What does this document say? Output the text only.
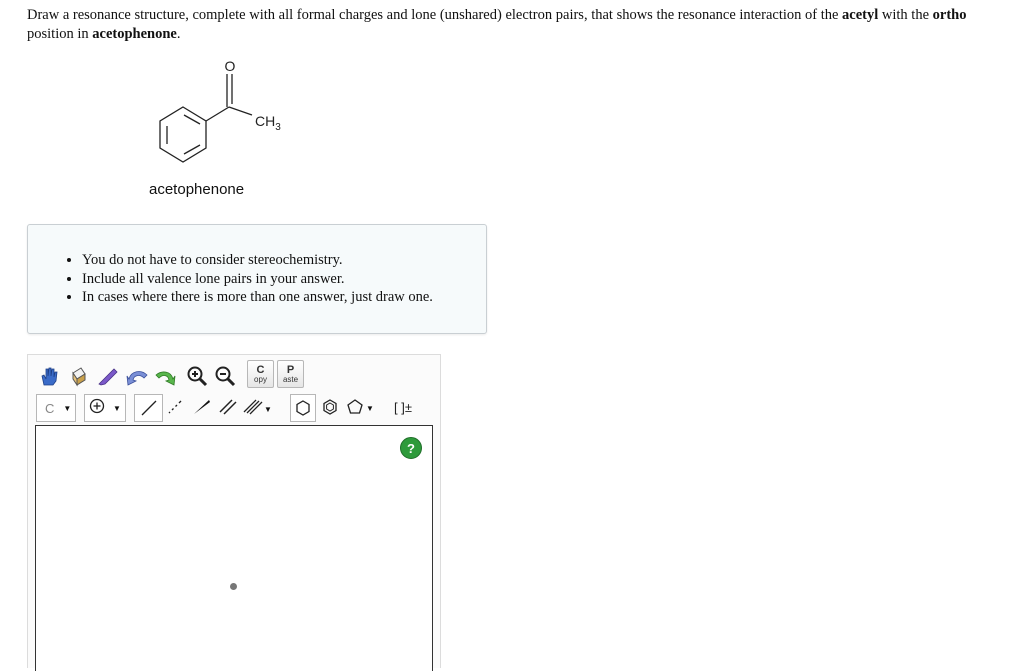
Draw a resonance structure, complete with all formal charges and lone (unshared) electron pairs, that shows the resonance interaction of the acetyl with the ortho position in acetophenone.
O
$CH_3$
acetophenone
• You do not have to consider stereochemistry.
• Include all valence lone pairs in your answer.
• In cases where there is more than one answer, just draw one.
C
opy
P
aste
C ▼	▼	▼	▼ [ ]±
?
